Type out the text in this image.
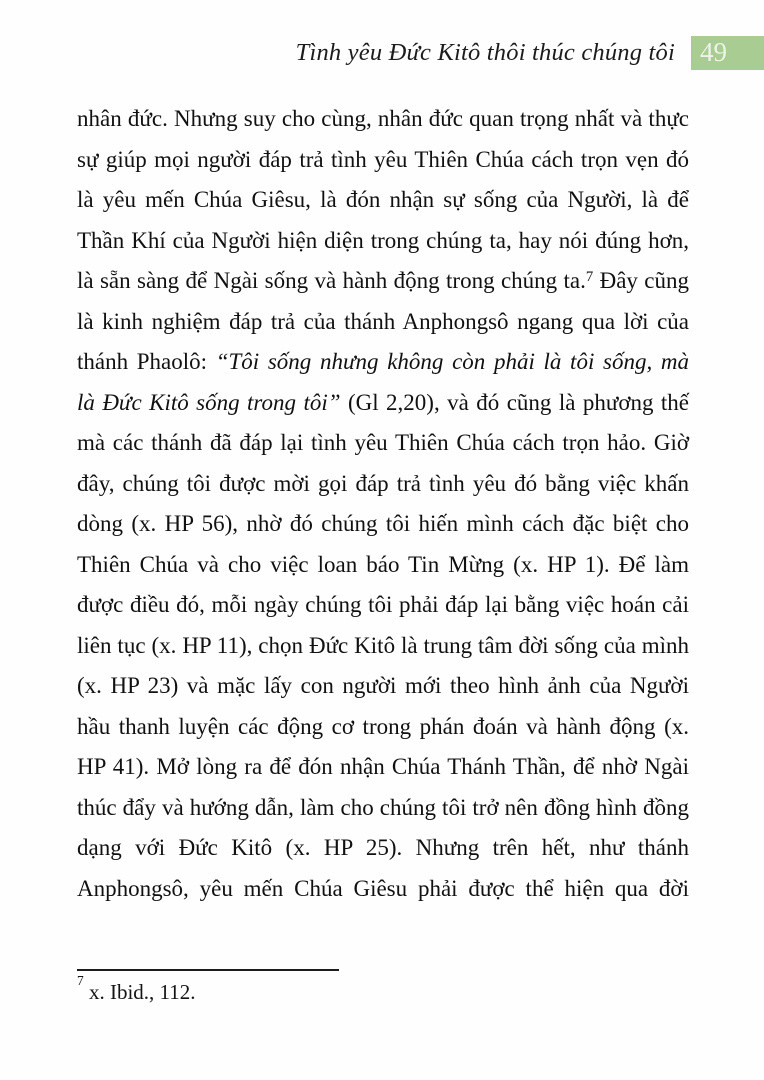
Tình yêu Đức Kitô thôi thúc chúng tôi 49
nhân đức. Nhưng suy cho cùng, nhân đức quan trọng nhất và thực
sự giúp mọi người đáp trả tình yêu Thiên Chúa cách trọn vẹn đó
là yêu mến Chúa Giêsu, là đón nhận sự sống của Người, là để
Thần Khí của Người hiện diện trong chúng ta, hay nói đúng hơn,
là sẵn sàng để Ngài sống và hành động trong chúng ta.$^7$ Đây cũng
là kinh nghiệm đáp trả của thánh Anphongsô ngang qua lời của
thánh Phaolô: “Tôi sống nhưng không còn phải là tôi sống, mà
là Đức Kitô sống trong tôi” (Gl 2,20), và đó cũng là phương thế
mà các thánh đã đáp lại tình yêu Thiên Chúa cách trọn hảo. Giờ
đây, chúng tôi được mời gọi đáp trả tình yêu đó bằng việc khấn
dòng (x. HP 56), nhờ đó chúng tôi hiến mình cách đặc biệt cho
Thiên Chúa và cho việc loan báo Tin Mừng (x. HP 1). Để làm
được điều đó, mỗi ngày chúng tôi phải đáp lại bằng việc hoán cải
liên tục (x. HP 11), chọn Đức Kitô là trung tâm đời sống của mình
(x. HP 23) và mặc lấy con người mới theo hình ảnh của Người
hầu thanh luyện các động cơ trong phán đoán và hành động (x.
HP 41). Mở lòng ra để đón nhận Chúa Thánh Thần, để nhờ Ngài
thúc đẩy và hướng dẫn, làm cho chúng tôi trở nên đồng hình đồng
dạng với Đức Kitô (x. HP 25). Nhưng trên hết, như thánh
Anphongsô, yêu mến Chúa Giêsu phải được thể hiện qua đời
$^7$ x. Ibid., 112.
